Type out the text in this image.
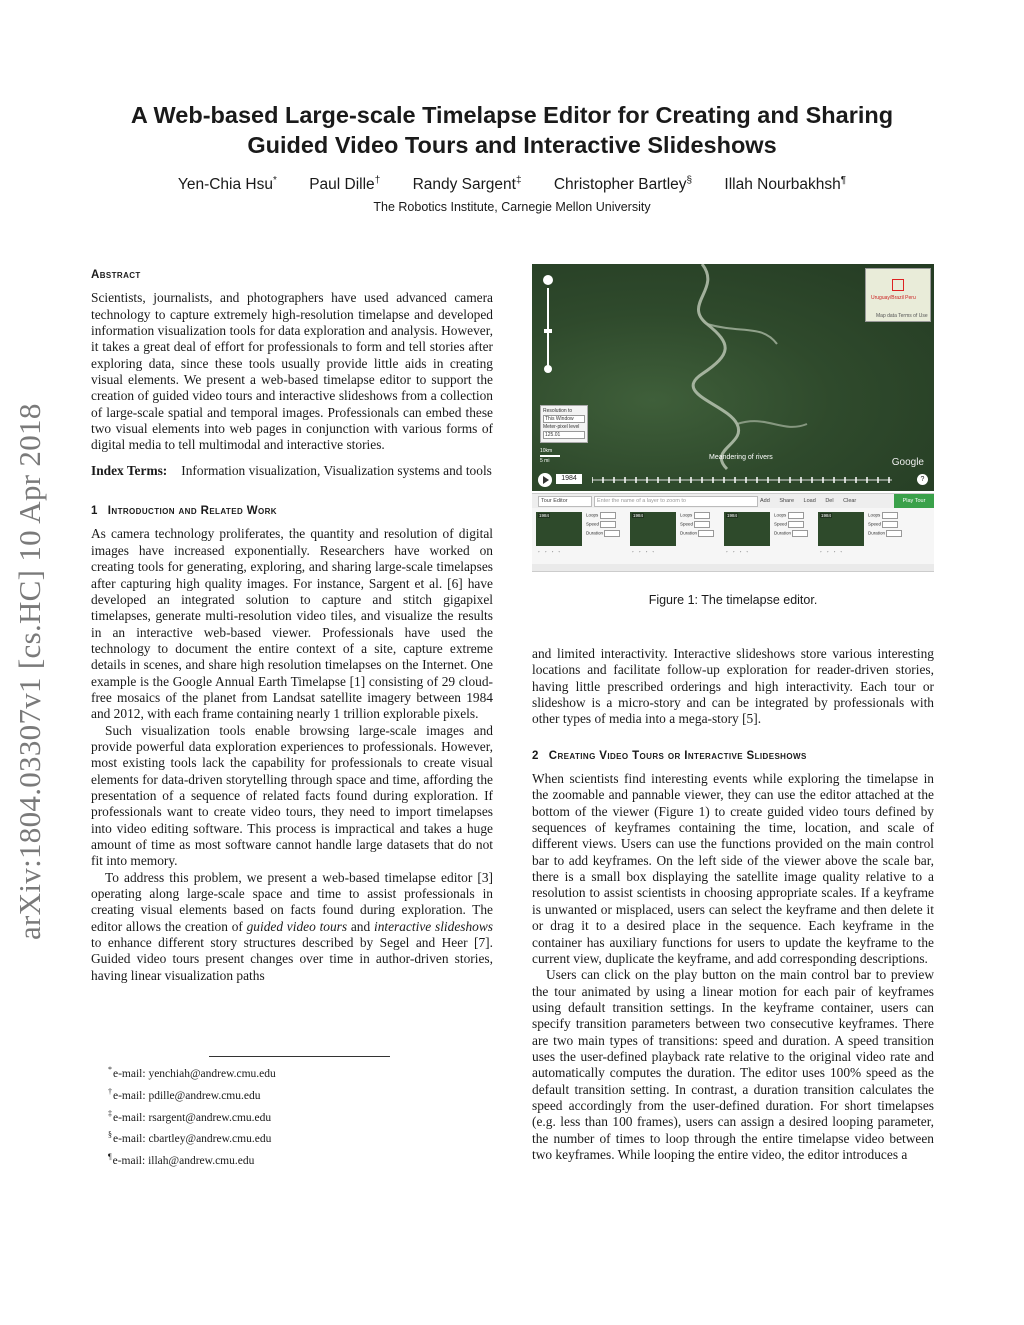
arXiv:1804.03307v1 [cs.HC] 10 Apr 2018
A Web-based Large-scale Timelapse Editor for Creating and Sharing
Guided Video Tours and Interactive Slideshows
Yen-Chia Hsu* Paul Dille† Randy Sargent‡ Christopher Bartley§ Illah Nourbakhsh¶
The Robotics Institute, Carnegie Mellon University
Abstract

Scientists, journalists, and photographers have used advanced camera technology to capture extremely high-resolution timelapse and developed information visualization tools for data exploration and analysis. However, it takes a great deal of effort for professionals to form and tell stories after exploring data, since these tools usually provide little aids in creating visual elements. We present a web-based timelapse editor to support the creation of guided video tours and interactive slideshows from a collection of large-scale spatial and temporal images. Professionals can embed these two visual elements into web pages in conjunction with various forms of digital media to tell multimodal and interactive stories.

Index Terms: Information visualization, Visualization systems and tools

1 Introduction and Related Work

As camera technology proliferates, the quantity and resolution of digital images have increased exponentially. Researchers have worked on creating tools for generating, exploring, and sharing large-scale timelapses after capturing high quality images. For instance, Sargent et al. [6] have developed an integrated solution to capture and stitch gigapixel timelapses, generate multi-resolution video tiles, and visualize the results in an interactive web-based viewer. Professionals have used the technology to document the entire context of a site, capture extreme details in scenes, and share high resolution timelapses on the Internet. One example is the Google Annual Earth Timelapse [1] consisting of 29 cloud-free mosaics of the planet from Landsat satellite imagery between 1984 and 2012, with each frame containing nearly 1 trillion explorable pixels.

Such visualization tools enable browsing large-scale images and provide powerful data exploration experiences to professionals. However, most existing tools lack the capability for professionals to create visual elements for data-driven storytelling through space and time, affording the presentation of a sequence of related facts found during exploration. If professionals want to create video tours, they need to import timelapses into video editing software. This process is impractical and takes a huge amount of time as most software cannot handle large datasets that do not fit into memory.

To address this problem, we present a web-based timelapse editor [3] operating along large-scale space and time to assist professionals in creating visual elements based on facts found during exploration. The editor allows the creation of guided video tours and interactive slideshows to enhance different story structures described by Segel and Heer [7]. Guided video tours present changes over time in author-driven stories, having linear visualization paths

*e-mail: yenchiah@andrew.cmu.edu
†e-mail: pdille@andrew.cmu.edu
‡e-mail: rsargent@andrew.cmu.edu
§e-mail: cbartley@andrew.cmu.edu
¶e-mail: illah@andrew.cmu.edu
Uruguay/Brazil Peru
Map data Terms of Use
Resolution to
This Window
Meter-pixel level
125.01
10km
5 mi	Meandering of rivers	Google
1984	?
Tour Editor	Enter the name of a layer to zoom to	Add Share Load Del Clear	Play Tour
1984	Loops
Speed
Duration
◦ ◦ ◦ ◦
1984	Loops
Speed
Duration
◦ ◦ ◦ ◦
1984	Loops
Speed
Duration
◦ ◦ ◦ ◦
1984	Loops
Speed
Duration
◦ ◦ ◦ ◦
Figure 1: The timelapse editor.

and limited interactivity. Interactive slideshows store various interesting locations and facilitate follow-up exploration for reader-driven stories, having little prescribed orderings and high interactivity. Each tour or slideshow is a micro-story and can be integrated by professionals with other types of media into a mega-story [5].

2 Creating Video Tours or Interactive Slideshows

When scientists find interesting events while exploring the timelapse in the zoomable and pannable viewer, they can use the editor attached at the bottom of the viewer (Figure 1) to create guided video tours defined by sequences of keyframes containing the time, location, and scale of different views. Users can use the functions provided on the main control bar to add keyframes. On the left side of the viewer above the scale bar, there is a small box displaying the satellite image quality relative to a resolution to assist scientists in choosing appropriate scales. If a keyframe is unwanted or misplaced, users can select the keyframe and then delete it or drag it to a desired place in the sequence. Each keyframe in the container has auxiliary functions for users to update the keyframe to the current view, duplicate the keyframe, and add corresponding descriptions.

Users can click on the play button on the main control bar to preview the tour animated by using a linear motion for each pair of keyframes using default transition settings. In the keyframe container, users can specify transition parameters between two consecutive keyframes. There are two main types of transitions: speed and duration. A speed transition uses the user-defined playback rate relative to the original video rate and automatically computes the duration. The editor uses 100% speed as the default transition setting. In contrast, a duration transition calculates the speed accordingly from the user-defined duration. For short timelapses (e.g. less than 100 frames), users can assign a desired looping parameter, the number of times to loop through the entire timelapse video between two keyframes. While looping the entire video, the editor introduces a
